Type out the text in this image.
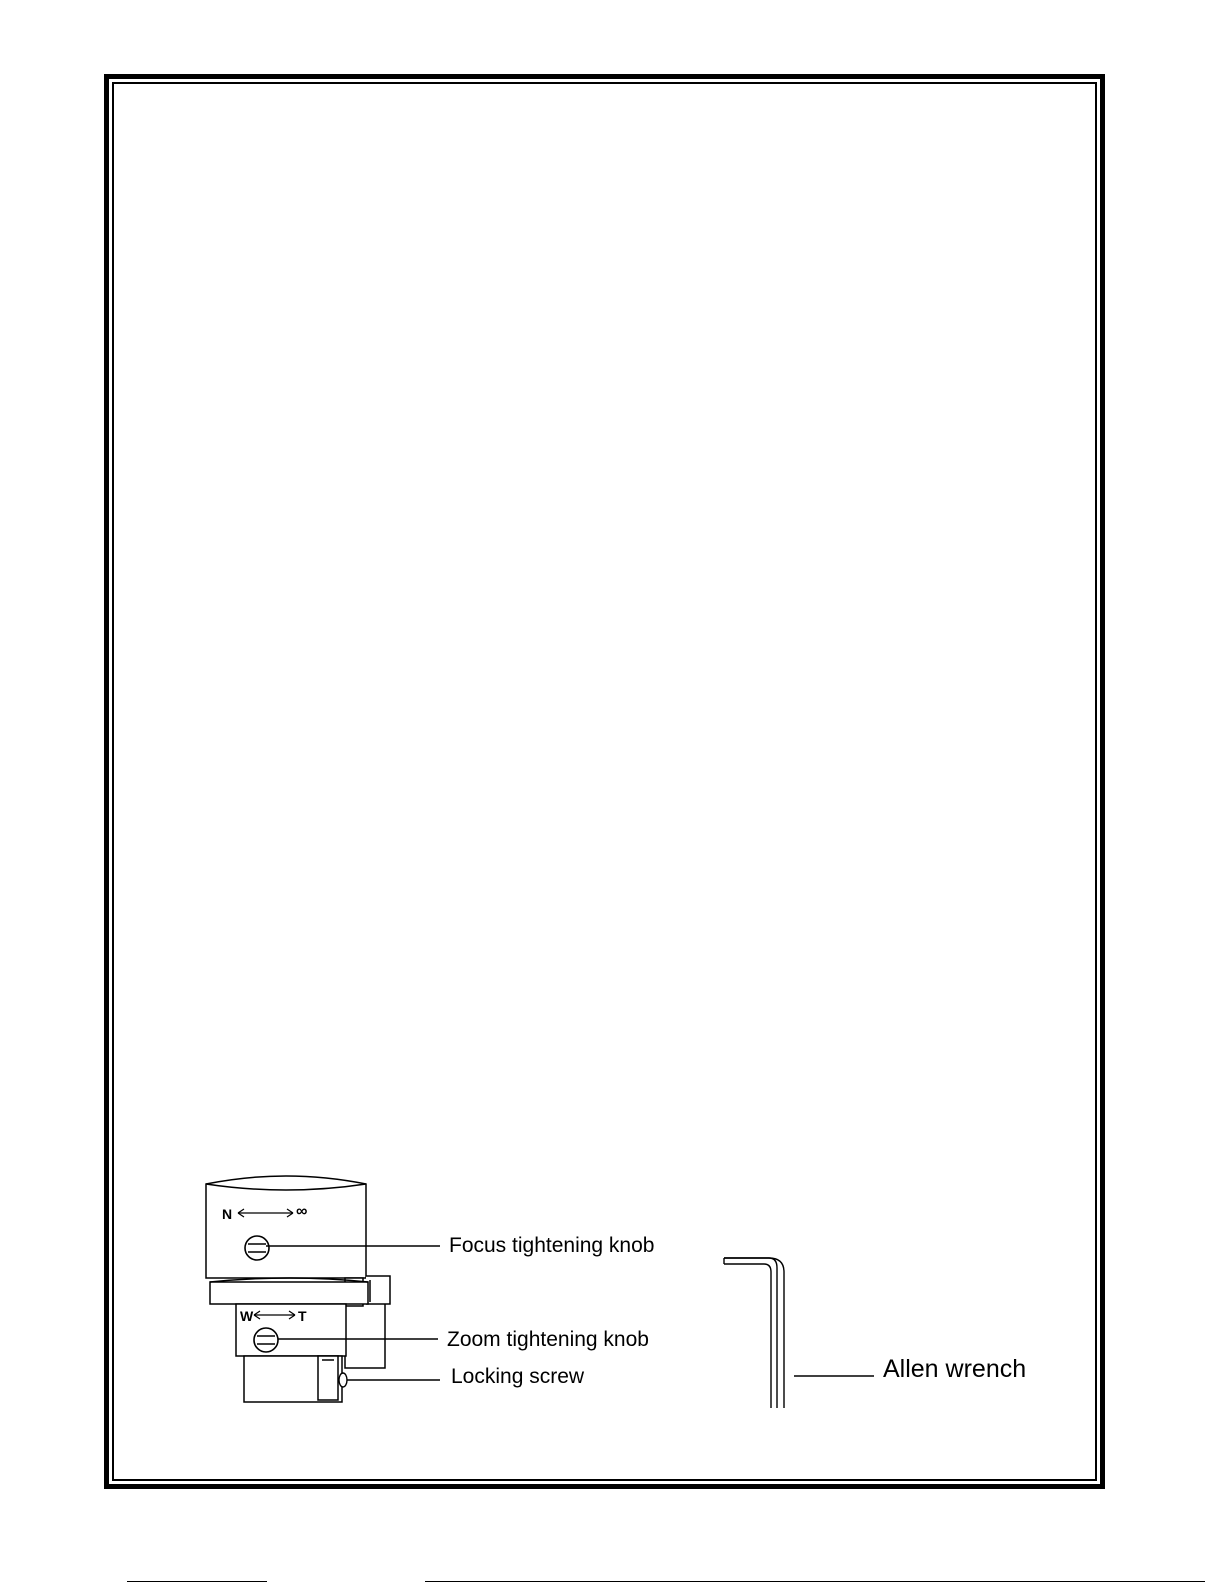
N	∞
W	T
Focus tightening knob
Zoom tightening knob
Locking screw	Allen wrench
